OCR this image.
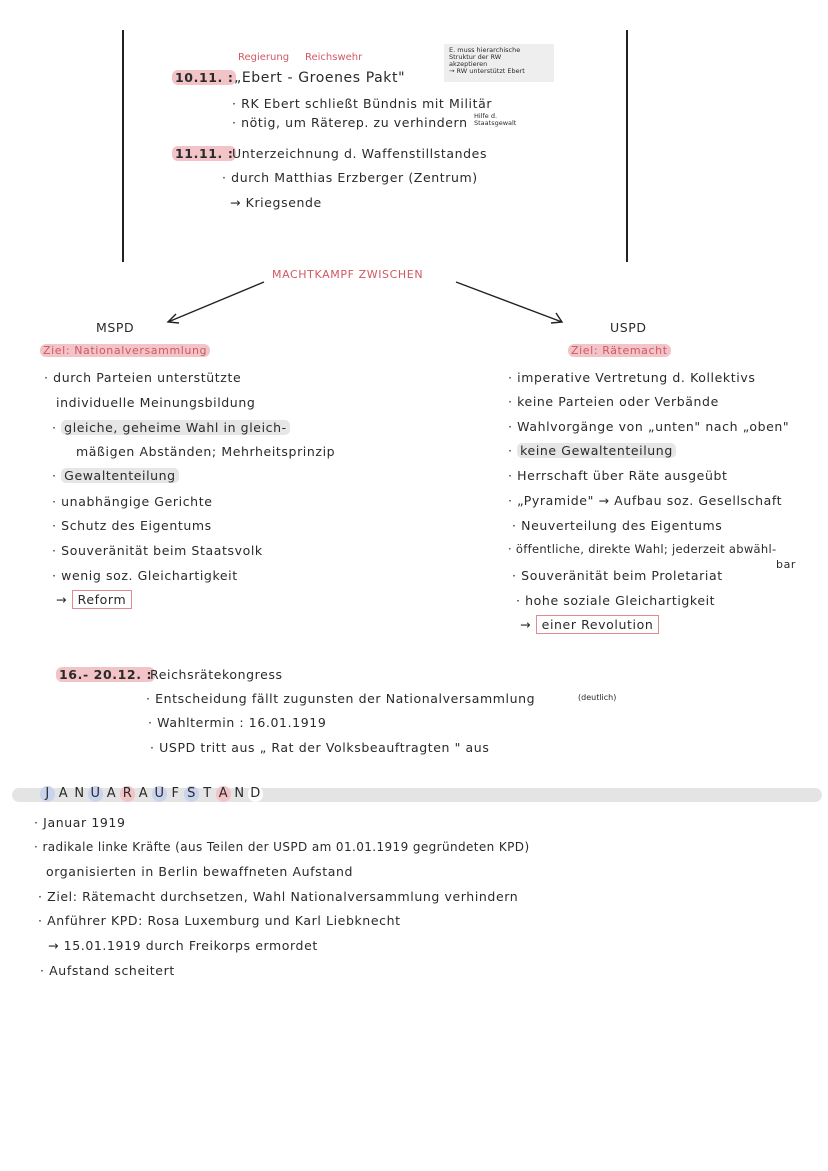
Regierung Reichswehr
10.11. : „Ebert - Groenes Pakt"
E. muss hierarchische
Struktur der RW
akzeptieren
→ RW unterstützt Ebert
· RK Ebert schließt Bündnis mit Militär
· nötig, um Räterep. zu verhindern Hilfe d.
Staatsgewalt
11.11. :
Unterzeichnung d. Waffenstillstandes
· durch Matthias Erzberger (Zentrum)
→ Kriegsende
MACHTKAMPF ZWISCHEN
MSPD
Ziel: Nationalversammlung
· durch Parteien unterstützte
individuelle Meinungsbildung
· gleiche, geheime Wahl in gleich-
mäßigen Abständen; Mehrheitsprinzip
· Gewaltenteilung
· unabhängige Gerichte
· Schutz des Eigentums
· Souveränität beim Staatsvolk
· wenig soz. Gleichartigkeit
→ Reform
USPD
Ziel: Rätemacht
· imperative Vertretung d. Kollektivs
· keine Parteien oder Verbände
· Wahlvorgänge von „unten" nach „oben"
· keine Gewaltenteilung
· Herrschaft über Räte ausgeübt
· „Pyramide" → Aufbau soz. Gesellschaft
· Neuverteilung des Eigentums
· öffentliche, direkte Wahl; jederzeit abwähl-
bar
· Souveränität beim Proletariat
· hohe soziale Gleichartigkeit
→ einer Revolution
16.- 20.12. :
Reichsrätekongress
· Entscheidung fällt zugunsten der Nationalversammlung	(deutlich)
· Wahltermin : 16.01.1919
· USPD tritt aus „ Rat der Volksbeauftragten " aus
J A N U A R A U F S T A N D
· Januar 1919
· radikale linke Kräfte (aus Teilen der USPD am 01.01.1919 gegründeten KPD)
organisierten in Berlin bewaffneten Aufstand
· Ziel: Rätemacht durchsetzen, Wahl Nationalversammlung verhindern
· Anführer KPD: Rosa Luxemburg und Karl Liebknecht
→ 15.01.1919 durch Freikorps ermordet
· Aufstand scheitert
